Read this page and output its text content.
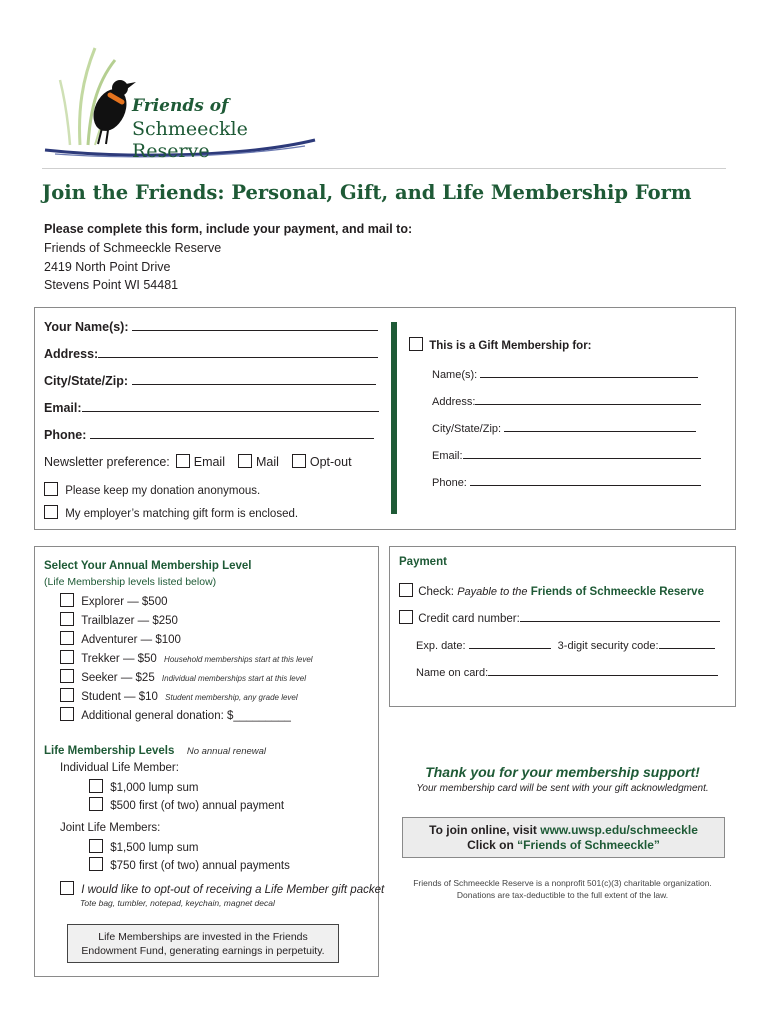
Friends of
Schmeeckle Reserve
Join the Friends: Personal, Gift, and Life Membership Form
Please complete this form, include your payment, and mail to:
Friends of Schmeeckle Reserve
2419 North Point Drive
Stevens Point WI 54481
Your Name(s):
Address:
City/State/Zip:
Email:
Phone:
Newsletter preference: Email Mail Opt-out
Please keep my donation anonymous.
My employer’s matching gift form is enclosed.
This is a Gift Membership for:
Name(s):
Address:
City/State/Zip:
Email:
Phone:
Select Your Annual Membership Level
(Life Membership levels listed below)
Explorer — $500
Trailblazer — $250
Adventurer — $100
Trekker — $50 Household memberships start at this level
Seeker — $25 Individual memberships start at this level
Student — $10 Student membership, any grade level
Additional general donation: $_________
Life Membership Levels No annual renewal
Individual Life Member:
$1,000 lump sum
$500 first (of two) annual payment
Joint Life Members:
$1,500 lump sum
$750 first (of two) annual payments
I would like to opt-out of receiving a Life Member gift packet
Tote bag, tumbler, notepad, keychain, magnet decal
Life Memberships are invested in the Friends
Endowment Fund, generating earnings in perpetuity.
Payment
Check: Payable to the Friends of Schmeeckle Reserve
Credit card number:
Exp. date:	3-digit security code:
Name on card:
Thank you for your membership support!
Your membership card will be sent with your gift acknowledgment.
To join online, visit www.uwsp.edu/schmeeckle
Click on “Friends of Schmeeckle”
Friends of Schmeeckle Reserve is a nonprofit 501(c)(3) charitable organization.
Donations are tax-deductible to the full extent of the law.
